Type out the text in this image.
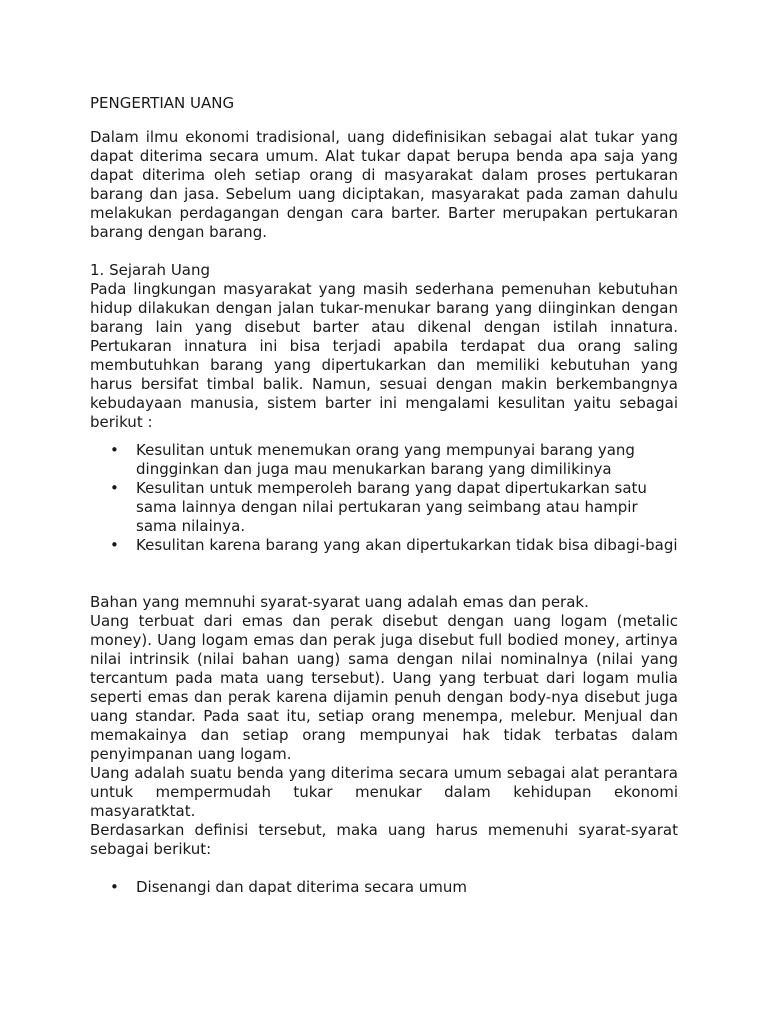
PENGERTIAN UANG

Dalam ilmu ekonomi tradisional, uang didefinisikan sebagai alat tukar yang dapat diterima secara umum. Alat tukar dapat berupa benda apa saja yang dapat diterima oleh setiap orang di masyarakat dalam proses pertukaran barang dan jasa. Sebelum uang diciptakan, masyarakat pada zaman dahulu melakukan perdagangan dengan cara barter. Barter merupakan pertukaran barang dengan barang.

1. Sejarah Uang

Pada lingkungan masyarakat yang masih sederhana pemenuhan kebutuhan hidup dilakukan dengan jalan tukar-menukar barang yang diinginkan dengan barang lain yang disebut barter atau dikenal dengan istilah innatura. Pertukaran innatura ini bisa terjadi apabila terdapat dua orang saling membutuhkan barang yang dipertukarkan dan memiliki kebutuhan yang harus bersifat timbal balik. Namun, sesuai dengan makin berkembangnya kebudayaan manusia, sistem barter ini mengalami kesulitan yaitu sebagai berikut :

• Kesulitan untuk menemukan orang yang mempunyai barang yang dingginkan dan juga mau menukarkan barang yang dimilikinya
• Kesulitan untuk memperoleh barang yang dapat dipertukarkan satu sama lainnya dengan nilai pertukaran yang seimbang atau hampir sama nilainya.
• Kesulitan karena barang yang akan dipertukarkan tidak bisa dibagi-bagi

Bahan yang memnuhi syarat-syarat uang adalah emas dan perak.

Uang terbuat dari emas dan perak disebut dengan uang logam (metalic money). Uang logam emas dan perak juga disebut full bodied money, artinya nilai intrinsik (nilai bahan uang) sama dengan nilai nominalnya (nilai yang tercantum pada mata uang tersebut). Uang yang terbuat dari logam mulia seperti emas dan perak karena dijamin penuh dengan body-nya disebut juga uang standar. Pada saat itu, setiap orang menempa, melebur. Menjual dan memakainya dan setiap orang mempunyai hak tidak terbatas dalam penyimpanan uang logam.

Uang adalah suatu benda yang diterima secara umum sebagai alat perantara untuk mempermudah tukar menukar dalam kehidupan ekonomi masyaratktat.

Berdasarkan definisi tersebut, maka uang harus memenuhi syarat-syarat sebagai berikut:

• Disenangi dan dapat diterima secara umum
